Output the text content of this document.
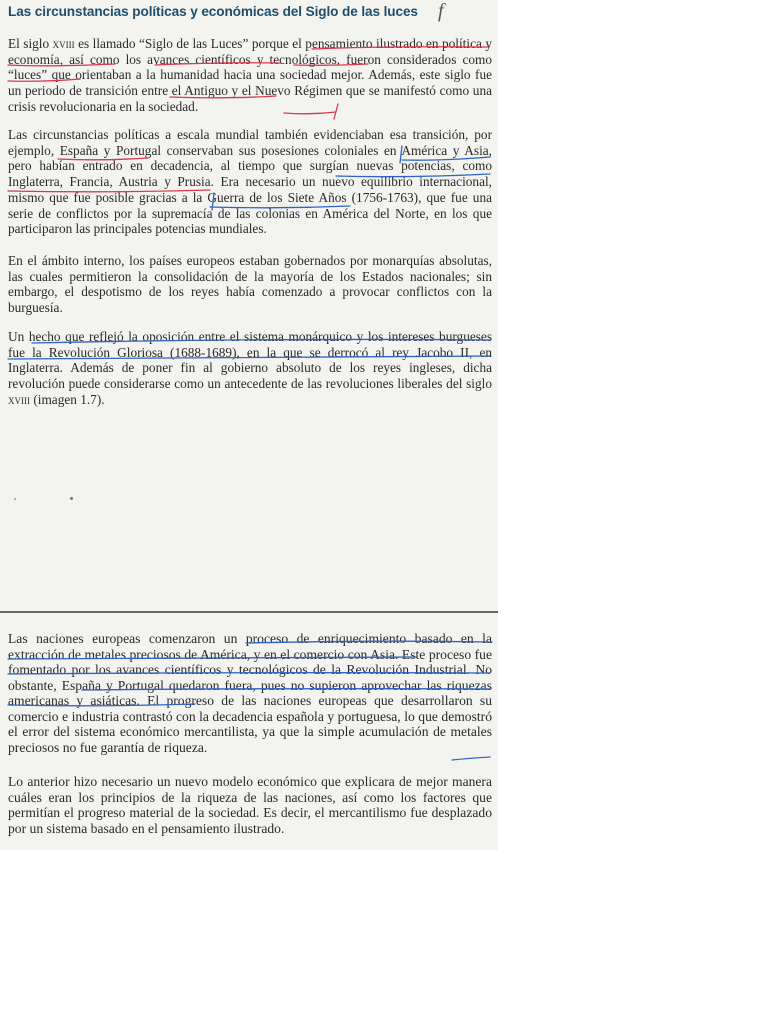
Las circunstancias políticas y económicas del Siglo de las luces f

El siglo xviii es llamado “Siglo de las Luces” porque el pensamiento ilustrado en política y economía, así como los avances científicos y tecnológicos, fueron considerados como “luces” que orientaban a la humanidad hacia una sociedad mejor. Además, este siglo fue un periodo de transición entre el Antiguo y el Nuevo Régimen que se manifestó como una crisis revolucionaria en la sociedad.

Las circunstancias políticas a escala mundial también evidenciaban esa transición, por ejemplo, España y Portugal conservaban sus posesiones coloniales en América y Asia, pero habían entrado en decadencia, al tiempo que surgían nuevas potencias, como Inglaterra, Francia, Austria y Prusia. Era necesario un nuevo equilibrio internacional, mismo que fue posible gracias a la Guerra de los Siete Años (1756-1763), que fue una serie de conflictos por la supremacía de las colonias en América del Norte, en los que participaron las principales potencias mundiales.

En el ámbito interno, los países europeos estaban gobernados por monarquías absolutas, las cuales permitieron la consolidación de la mayoría de los Estados nacionales; sin embargo, el despotismo de los reyes había comenzado a provocar conflictos con la burguesía.

Un hecho que reflejó la oposición entre el sistema monárquico y los intereses burgueses fue la Revolución Gloriosa (1688-1689), en la que se derrocó al rey Jacobo II, en Inglaterra. Además de poner fin al gobierno absoluto de los reyes ingleses, dicha revolución puede considerarse como un antecedente de las revoluciones liberales del siglo xviii (imagen 1.7).

Las naciones europeas comenzaron un proceso de enriquecimiento basado en la extracción de metales preciosos de América, y en el comercio con Asia. Este proceso fue fomentado por los avances científicos y tecnológicos de la Revolución Industrial. No obstante, España y Portugal quedaron fuera, pues no supieron aprovechar las riquezas americanas y asiáticas. El progreso de las naciones europeas que desarrollaron su comercio e industria contrastó con la decadencia española y portuguesa, lo que demostró el error del sistema económico mercantilista, ya que la simple acumulación de metales preciosos no fue garantía de riqueza.

Lo anterior hizo necesario un nuevo modelo económico que explicara de mejor manera cuáles eran los principios de la riqueza de las naciones, así como los factores que permitían el progreso material de la sociedad. Es decir, el mercantilismo fue desplazado por un sistema basado en el pensamiento ilustrado.
